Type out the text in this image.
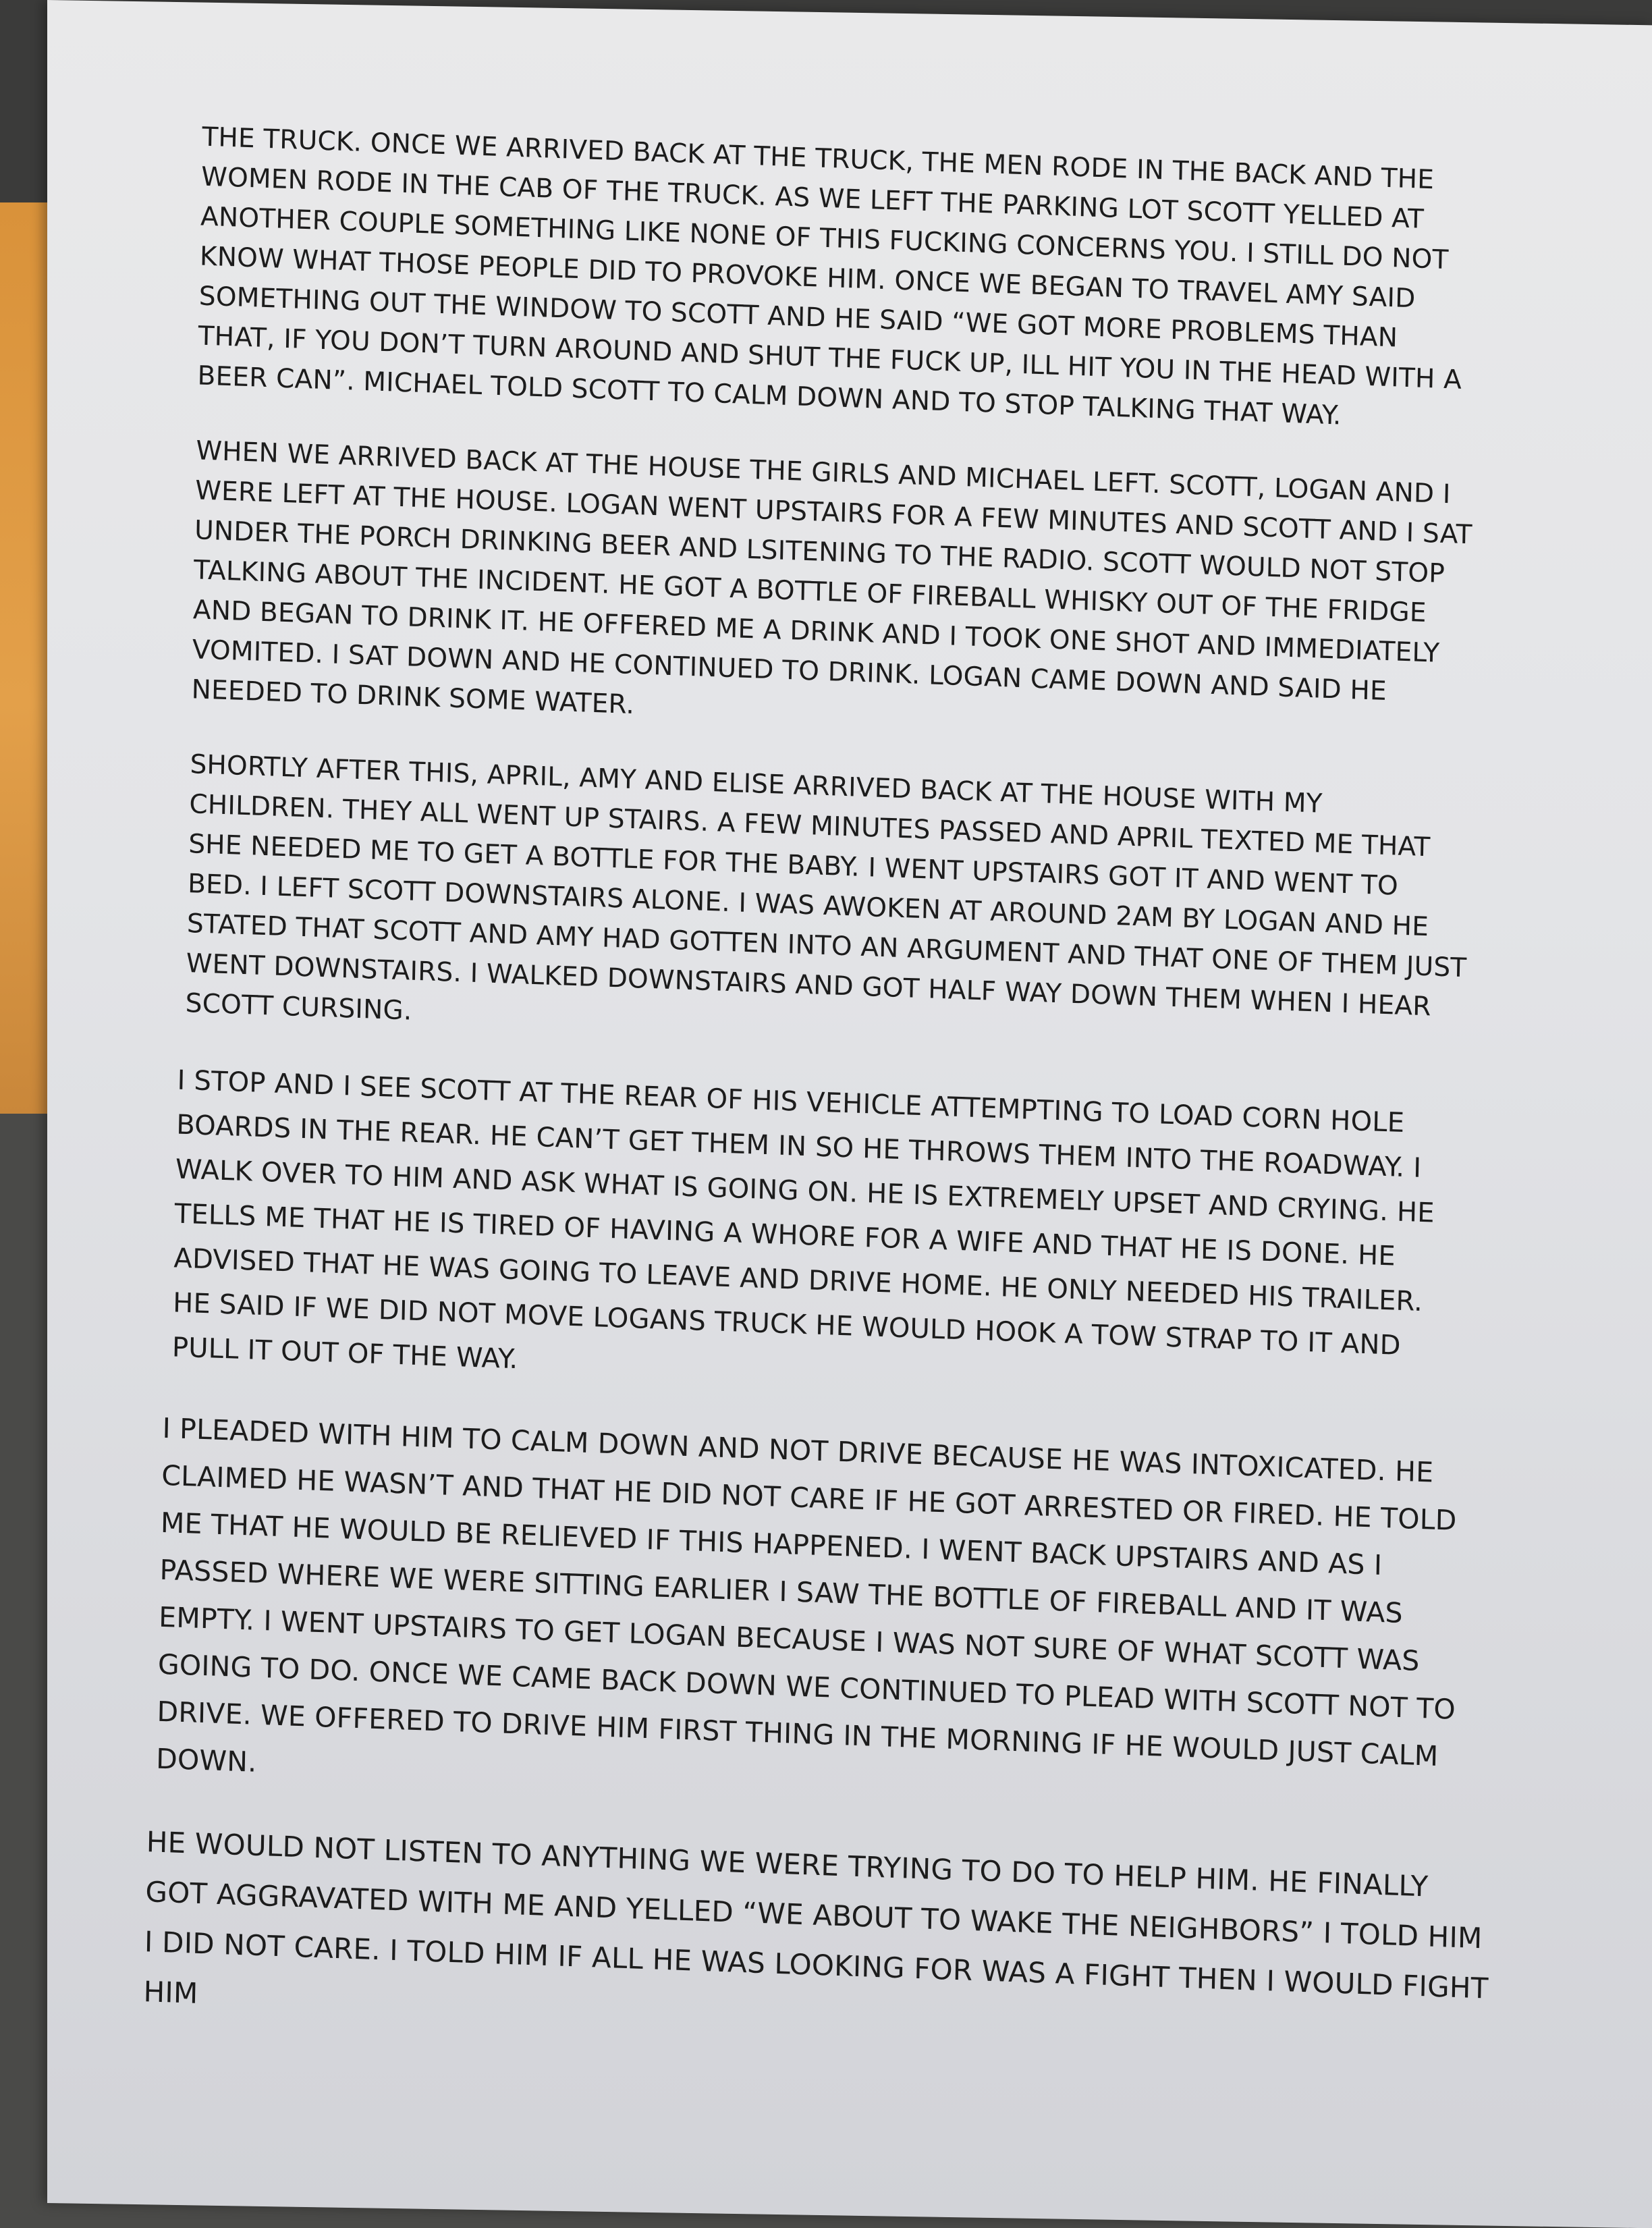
THE TRUCK. ONCE WE ARRIVED BACK AT THE TRUCK, THE MEN RODE IN THE BACK AND THE WOMEN RODE IN THE CAB OF THE TRUCK. AS WE LEFT THE PARKING LOT SCOTT YELLED AT ANOTHER COUPLE SOMETHING LIKE NONE OF THIS FUCKING CONCERNS YOU. I STILL DO NOT KNOW WHAT THOSE PEOPLE DID TO PROVOKE HIM. ONCE WE BEGAN TO TRAVEL AMY SAID SOMETHING OUT THE WINDOW TO SCOTT AND HE SAID “WE GOT MORE PROBLEMS THAN THAT, IF YOU DON’T TURN AROUND AND SHUT THE FUCK UP, ILL HIT YOU IN THE HEAD WITH A BEER CAN”. MICHAEL TOLD SCOTT TO CALM DOWN AND TO STOP TALKING THAT WAY.

WHEN WE ARRIVED BACK AT THE HOUSE THE GIRLS AND MICHAEL LEFT. SCOTT, LOGAN AND I WERE LEFT AT THE HOUSE. LOGAN WENT UPSTAIRS FOR A FEW MINUTES AND SCOTT AND I SAT UNDER THE PORCH DRINKING BEER AND LSITENING TO THE RADIO. SCOTT WOULD NOT STOP TALKING ABOUT THE INCIDENT. HE GOT A BOTTLE OF FIREBALL WHISKY OUT OF THE FRIDGE AND BEGAN TO DRINK IT. HE OFFERED ME A DRINK AND I TOOK ONE SHOT AND IMMEDIATELY VOMITED. I SAT DOWN AND HE CONTINUED TO DRINK. LOGAN CAME DOWN AND SAID HE NEEDED TO DRINK SOME WATER.

SHORTLY AFTER THIS, APRIL, AMY AND ELISE ARRIVED BACK AT THE HOUSE WITH MY CHILDREN. THEY ALL WENT UP STAIRS. A FEW MINUTES PASSED AND APRIL TEXTED ME THAT SHE NEEDED ME TO GET A BOTTLE FOR THE BABY. I WENT UPSTAIRS GOT IT AND WENT TO BED. I LEFT SCOTT DOWNSTAIRS ALONE. I WAS AWOKEN AT AROUND 2AM BY LOGAN AND HE STATED THAT SCOTT AND AMY HAD GOTTEN INTO AN ARGUMENT AND THAT ONE OF THEM JUST WENT DOWNSTAIRS. I WALKED DOWNSTAIRS AND GOT HALF WAY DOWN THEM WHEN I HEAR SCOTT CURSING.

I STOP AND I SEE SCOTT AT THE REAR OF HIS VEHICLE ATTEMPTING TO LOAD CORN HOLE BOARDS IN THE REAR. HE CAN’T GET THEM IN SO HE THROWS THEM INTO THE ROADWAY. I WALK OVER TO HIM AND ASK WHAT IS GOING ON. HE IS EXTREMELY UPSET AND CRYING. HE TELLS ME THAT HE IS TIRED OF HAVING A WHORE FOR A WIFE AND THAT HE IS DONE. HE ADVISED THAT HE WAS GOING TO LEAVE AND DRIVE HOME. HE ONLY NEEDED HIS TRAILER. HE SAID IF WE DID NOT MOVE LOGANS TRUCK HE WOULD HOOK A TOW STRAP TO IT AND PULL IT OUT OF THE WAY.

I PLEADED WITH HIM TO CALM DOWN AND NOT DRIVE BECAUSE HE WAS INTOXICATED. HE CLAIMED HE WASN’T AND THAT HE DID NOT CARE IF HE GOT ARRESTED OR FIRED. HE TOLD ME THAT HE WOULD BE RELIEVED IF THIS HAPPENED. I WENT BACK UPSTAIRS AND AS I PASSED WHERE WE WERE SITTING EARLIER I SAW THE BOTTLE OF FIREBALL AND IT WAS EMPTY. I WENT UPSTAIRS TO GET LOGAN BECAUSE I WAS NOT SURE OF WHAT SCOTT WAS GOING TO DO. ONCE WE CAME BACK DOWN WE CONTINUED TO PLEAD WITH SCOTT NOT TO DRIVE. WE OFFERED TO DRIVE HIM FIRST THING IN THE MORNING IF HE WOULD JUST CALM DOWN.

HE WOULD NOT LISTEN TO ANYTHING WE WERE TRYING TO DO TO HELP HIM. HE FINALLY GOT AGGRAVATED WITH ME AND YELLED “WE ABOUT TO WAKE THE NEIGHBORS” I TOLD HIM I DID NOT CARE. I TOLD HIM IF ALL HE WAS LOOKING FOR WAS A FIGHT THEN I WOULD FIGHT HIM
